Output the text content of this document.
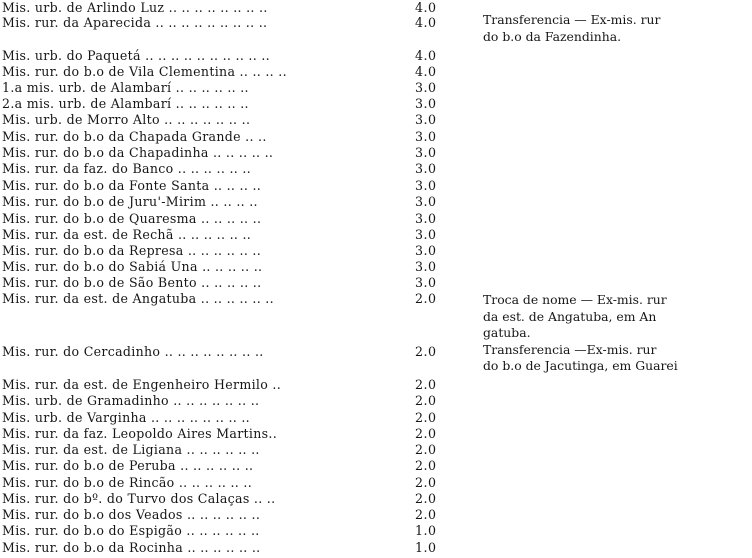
Mis. urb. de Arlindo Luz .. .. .. .. .. .. .. ..	4.0
Mis. rur. da Aparecida .. .. .. .. .. .. .. .. ..	4.0
Mis. urb. do Paquetá .. .. .. .. .. .. .. .. .. ..	4.0
Mis. rur. do b.o de Vila Clementina .. .. .. ..	4.0
1.a mis. urb. de Alambarí .. .. .. .. .. ..	3.0
2.a mis. urb. de Alambarí .. .. .. .. .. ..	3.0
Mis. urb. de Morro Alto .. .. .. .. .. .. ..	3.0
Mis. rur. do b.o da Chapada Grande .. ..	3.0
Mis. rur. do b.o da Chapadinha .. .. .. .. ..	3.0
Mis. rur. da faz. do Banco .. .. .. .. .. ..	3.0
Mis. rur. do b.o da Fonte Santa .. .. .. ..	3.0
Mis. rur. do b.o de Juru'-Mirim .. .. .. ..	3.0
Mis. rur. do b.o de Quaresma .. .. .. .. ..	3.0
Mis. rur. da est. de Rechã .. .. .. .. .. ..	3.0
Mis. rur. do b.o da Represa .. .. .. .. .. ..	3.0
Mis. rur. do b.o do Sabiá Una .. .. .. .. ..	3.0
Mis. rur. do b.o de São Bento .. .. .. .. ..	3.0
Mis. rur. da est. de Angatuba .. .. .. .. .. ..	2.0
Mis. rur. do Cercadinho .. .. .. .. .. .. .. ..	2.0
Mis. rur. da est. de Engenheiro Hermilo ..	2.0
Mis. urb. de Gramadinho .. .. .. .. .. .. ..	2.0
Mis. urb. de Varginha .. .. .. .. .. .. .. ..	2.0
Mis. rur. da faz. Leopoldo Aires Martins..	2.0
Mis. rur. da est. de Ligiana .. .. .. .. .. ..	2.0
Mis. rur. do b.o de Peruba .. .. .. .. .. ..	2.0
Mis. rur. do b.o de Rincão .. .. .. .. .. ..	2.0
Mis. rur. do bº. do Turvo dos Calaças .. ..	2.0
Mis. rur. do b.o dos Veados .. .. .. .. .. ..	2.0
Mis. rur. do b.o do Espigão .. .. .. .. .. ..	1.0
Mis. rur. do b.o da Rocinha .. .. .. .. .. ..	1.0
Transferencia — Ex-mis. rur
do b.o da Fazendinha.
Troca de nome — Ex-mis. rur
da est. de Angatuba, em An
gatuba.
Transferencia —Ex-mis. rur
do b.o de Jacutinga, em Guarei
